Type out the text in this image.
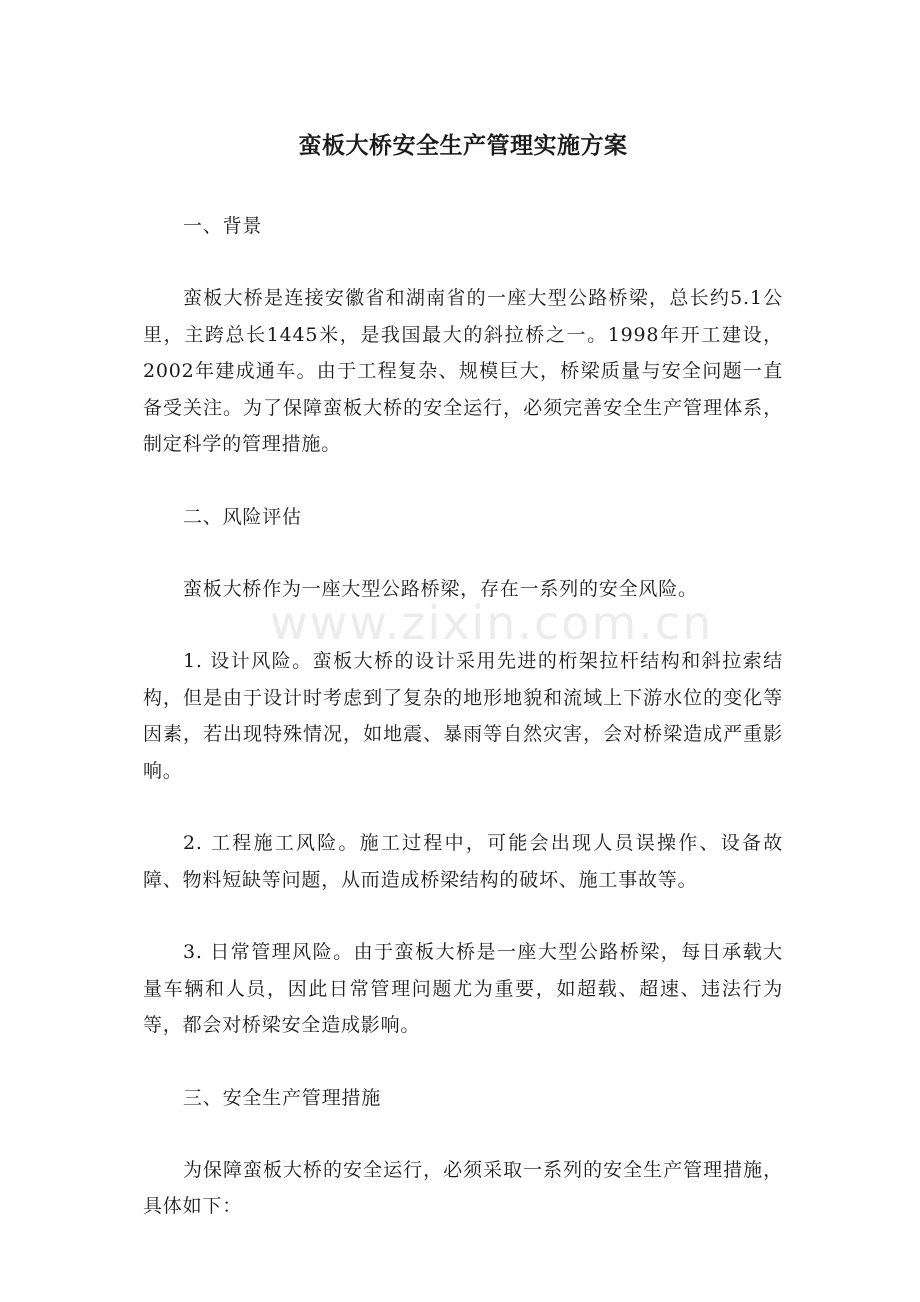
www.zixin.com.cn
蛮板大桥安全生产管理实施方案

一、背景

蛮板大桥是连接安徽省和湖南省的一座大型公路桥梁，总长约5.1公里，主跨总长1445米，是我国最大的斜拉桥之一。1998年开工建设，2002年建成通车。由于工程复杂、规模巨大，桥梁质量与安全问题一直备受关注。为了保障蛮板大桥的安全运行，必须完善安全生产管理体系，制定科学的管理措施。

二、风险评估

蛮板大桥作为一座大型公路桥梁，存在一系列的安全风险。

1. 设计风险。蛮板大桥的设计采用先进的桁架拉杆结构和斜拉索结构，但是由于设计时考虑到了复杂的地形地貌和流域上下游水位的变化等因素，若出现特殊情况，如地震、暴雨等自然灾害，会对桥梁造成严重影响。

2. 工程施工风险。施工过程中，可能会出现人员误操作、设备故障、物料短缺等问题，从而造成桥梁结构的破坏、施工事故等。

3. 日常管理风险。由于蛮板大桥是一座大型公路桥梁，每日承载大量车辆和人员，因此日常管理问题尤为重要，如超载、超速、违法行为等，都会对桥梁安全造成影响。

三、安全生产管理措施

为保障蛮板大桥的安全运行，必须采取一系列的安全生产管理措施，具体如下：
